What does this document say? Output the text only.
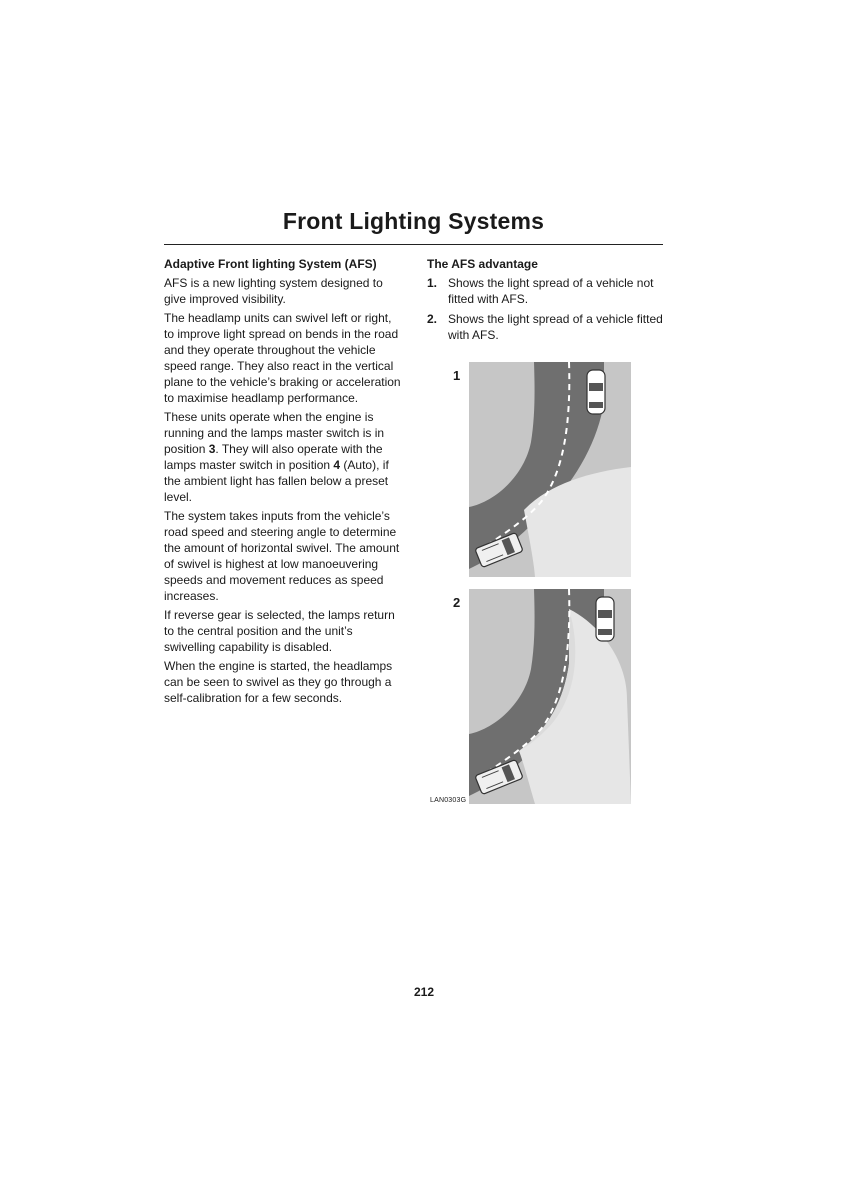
Front Lighting Systems
Adaptive Front lighting System (AFS)

AFS is a new lighting system designed to give improved visibility.

The headlamp units can swivel left or right, to improve light spread on bends in the road and they operate throughout the vehicle speed range. They also react in the vertical plane to the vehicle’s braking or acceleration to maximise headlamp performance.

These units operate when the engine is running and the lamps master switch is in position 3. They will also operate with the lamps master switch in position 4 (Auto), if the ambient light has fallen below a preset level.

The system takes inputs from the vehicle’s road speed and steering angle to determine the amount of horizontal swivel. The amount of swivel is highest at low manoeuvering speeds and movement reduces as speed increases.

If reverse gear is selected, the lamps return to the central position and the unit’s swivelling capability is disabled.

When the engine is started, the headlamps can be seen to swivel as they go through a self-calibration for a few seconds.

The AFS advantage
1. Shows the light spread of a vehicle not fitted with AFS.
2. Shows the light spread of a vehicle fitted with AFS.
1
2
LAN0303G
212
